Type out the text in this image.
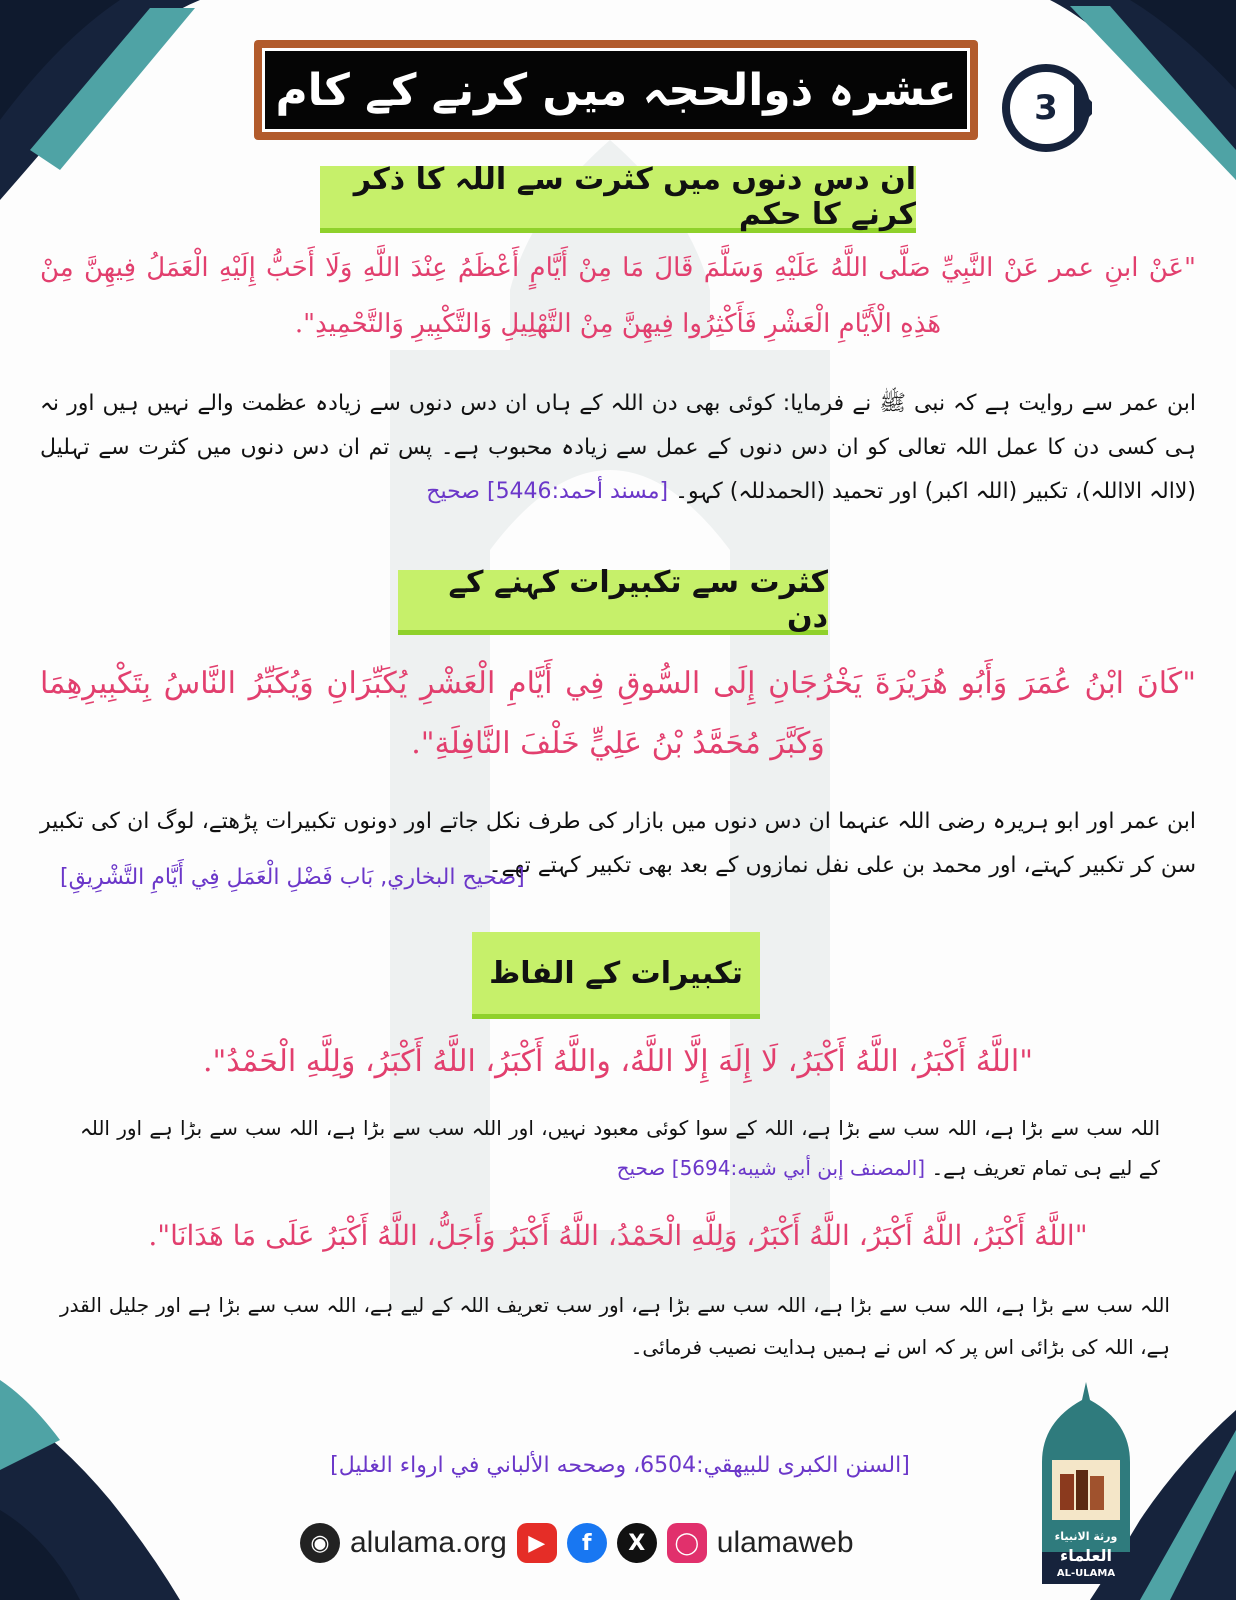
عشرہ ذوالحجہ میں کرنے کے کام	3
ان دس دنوں میں کثرت سے اللہ کا ذکر کرنے کا حکم
"عَنْ ابنِ عمر عَنْ النَّبِيِّ صَلَّى اللَّهُ عَلَيْهِ وَسَلَّمَ قَالَ مَا مِنْ أَيَّامٍ أَعْظَمُ عِنْدَ اللَّهِ وَلَا أَحَبُّ إِلَيْهِ الْعَمَلُ فِيهِنَّ مِنْ هَذِهِ الْأَيَّامِ الْعَشْرِ فَأَكْثِرُوا فِيهِنَّ مِنْ التَّهْلِيلِ وَالتَّكْبِيرِ وَالتَّحْمِيدِ".
ابن عمر سے روایت ہے کہ نبی ﷺ نے فرمایا: کوئی بھی دن اللہ کے ہاں ان دس دنوں سے زیادہ عظمت والے نہیں ہیں اور نہ ہی کسی دن کا عمل اللہ تعالی کو ان دس دنوں کے عمل سے زیادہ محبوب ہے۔ پس تم ان دس دنوں میں کثرت سے تہلیل (لاالہ الااللہ)، تکبیر (اللہ اکبر) اور تحمید (الحمدللہ) کہو۔ [مسند أحمد:5446] صحيح
کثرت سے تکبیرات کہنے کے دن
"كَانَ ابْنُ عُمَرَ وَأَبُو هُرَيْرَةَ يَخْرُجَانِ إِلَى السُّوقِ فِي أَيَّامِ الْعَشْرِ يُكَبِّرَانِ وَيُكَبِّرُ النَّاسُ بِتَكْبِيرِهِمَا وَكَبَّرَ مُحَمَّدُ بْنُ عَلِيٍّ خَلْفَ النَّافِلَةِ".
ابن عمر اور ابو ہریرہ رضی اللہ عنہما ان دس دنوں میں بازار کی طرف نکل جاتے اور دونوں تکبیرات پڑھتے، لوگ ان کی تکبیر سن کر تکبیر کہتے، اور محمد بن علی نفل نمازوں کے بعد بھی تکبیر کہتے تھے۔
[صحيح البخاري, بَاب فَضْلِ الْعَمَلِ فِي أَيَّامِ التَّشْرِيقِ]
تکبیرات کے الفاظ
"اللَّهُ أَكْبَرُ، اللَّهُ أَكْبَرُ، لَا إِلَهَ إِلَّا اللَّهُ، واللَّهُ أَكْبَرُ، اللَّهُ أَكْبَرُ، وَلِلَّهِ الْحَمْدُ".
اللہ سب سے بڑا ہے، اللہ سب سے بڑا ہے، اللہ کے سوا کوئی معبود نہیں، اور اللہ سب سے بڑا ہے، اللہ سب سے بڑا ہے اور اللہ کے لیے ہی تمام تعریف ہے۔ [المصنف إبن أبي شيبه:5694] صحيح
"اللَّهُ أَكْبَرُ، اللَّهُ أَكْبَرُ، اللَّهُ أَكْبَرُ، وَلِلَّهِ الْحَمْدُ، اللَّهُ أَكْبَرُ وَأَجَلُّ، اللَّهُ أَكْبَرُ عَلَى مَا هَدَانَا".
اللہ سب سے بڑا ہے، اللہ سب سے بڑا ہے، اللہ سب سے بڑا ہے، اور سب تعریف اللہ کے لیے ہے، اللہ سب سے بڑا ہے اور جلیل القدر ہے، اللہ کی بڑائی اس پر کہ اس نے ہمیں ہدایت نصیب فرمائی۔
[السنن الكبرى للبيهقي:6504، وصححه الألباني في ارواء الغليل]
◉ alulama.org ▶	f	X	◯ ulamaweb	ورثة الانبياء
العلماء
AL-ULAMA
